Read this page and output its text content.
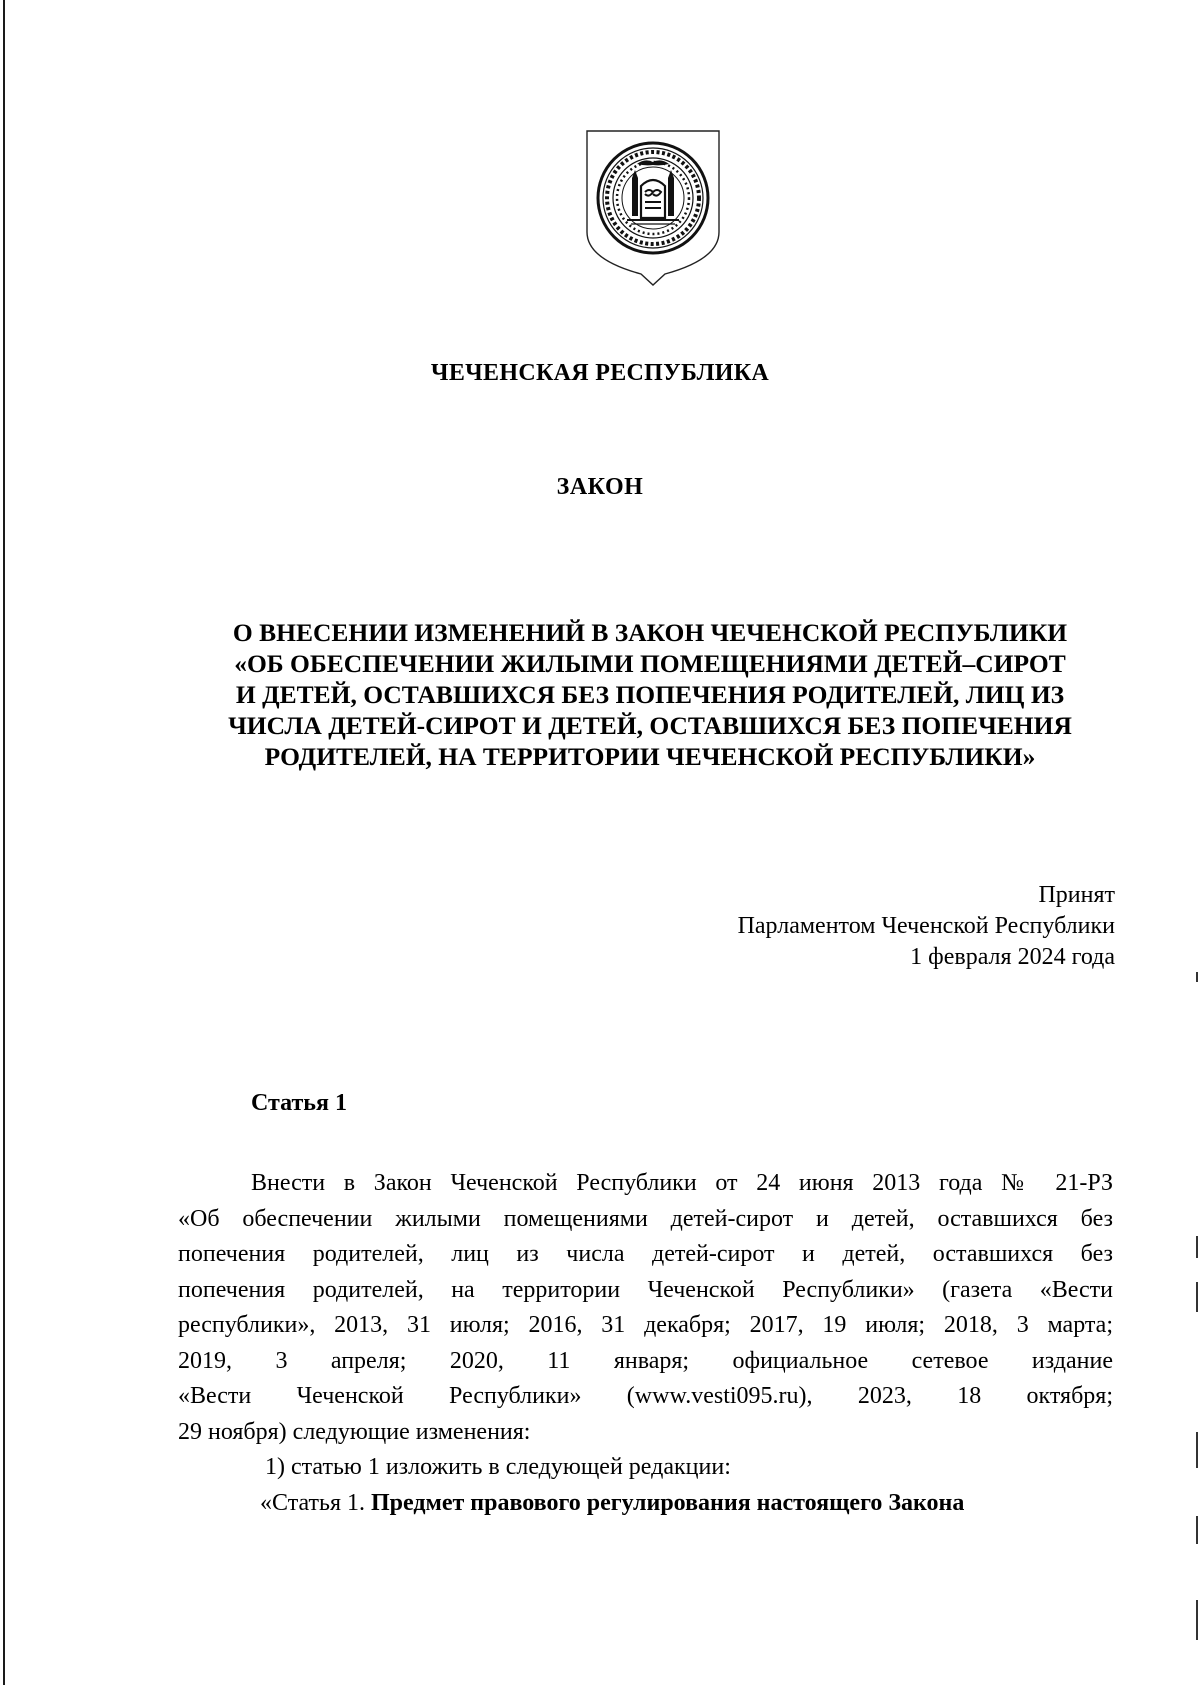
ЧЕЧЕНСКАЯ РЕСПУБЛИКА
ЗАКОН
О ВНЕСЕНИИ ИЗМЕНЕНИЙ В ЗАКОН ЧЕЧЕНСКОЙ РЕСПУБЛИКИ
«ОБ ОБЕСПЕЧЕНИИ ЖИЛЫМИ ПОМЕЩЕНИЯМИ ДЕТЕЙ–СИРОТ
И ДЕТЕЙ, ОСТАВШИХСЯ БЕЗ ПОПЕЧЕНИЯ РОДИТЕЛЕЙ, ЛИЦ ИЗ
ЧИСЛА ДЕТЕЙ-СИРОТ И ДЕТЕЙ, ОСТАВШИХСЯ БЕЗ ПОПЕЧЕНИЯ
РОДИТЕЛЕЙ, НА ТЕРРИТОРИИ ЧЕЧЕНСКОЙ РЕСПУБЛИКИ»
Принят
Парламентом Чеченской Республики
1 февраля 2024 года
Статья 1
Внести в Закон Чеченской Республики от 24 июня 2013 года № 21-РЗ
«Об обеспечении жилыми помещениями детей-сирот и детей, оставшихся без
попечения родителей, лиц из числа детей-сирот и детей, оставшихся без
попечения родителей, на территории Чеченской Республики» (газета «Вести
республики», 2013, 31 июля; 2016, 31 декабря; 2017, 19 июля; 2018, 3 марта;
2019, 3 апреля; 2020, 11 января; официальное сетевое издание
«Вести Чеченской Республики» (www.vesti095.ru), 2023, 18 октября;
29 ноября) следующие изменения:
1) статью 1 изложить в следующей редакции:
«Статья 1. Предмет правового регулирования настоящего Закона
